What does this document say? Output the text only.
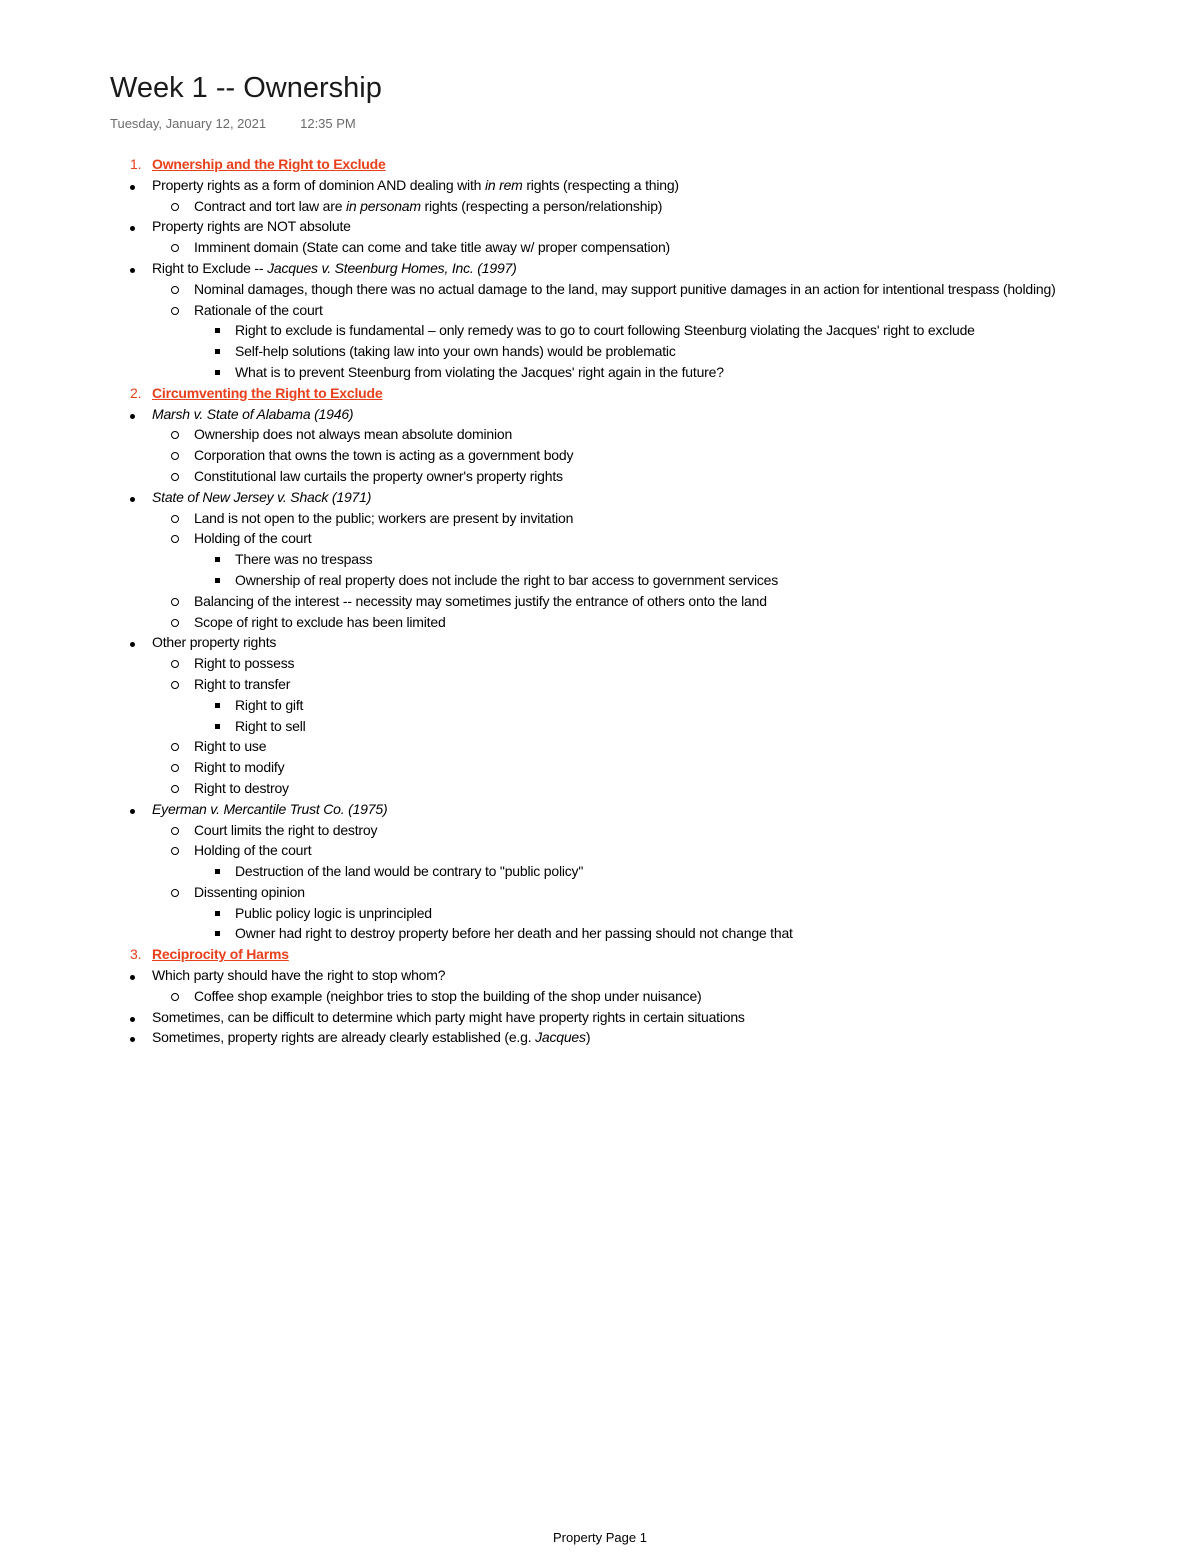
Week 1 -- Ownership
Tuesday, January 12, 2021	12:35 PM
1. Ownership and the Right to Exclude
Property rights as a form of dominion AND dealing with in rem rights (respecting a thing)
Contract and tort law are in personam rights (respecting a person/relationship)
Property rights are NOT absolute
Imminent domain (State can come and take title away w/ proper compensation)
Right to Exclude -- Jacques v. Steenburg Homes, Inc. (1997)
Nominal damages, though there was no actual damage to the land, may support punitive damages in an action for intentional trespass (holding)
Rationale of the court
Right to exclude is fundamental – only remedy was to go to court following Steenburg violating the Jacques' right to exclude
Self-help solutions (taking law into your own hands) would be problematic
What is to prevent Steenburg from violating the Jacques' right again in the future?
2. Circumventing the Right to Exclude
Marsh v. State of Alabama (1946)
Ownership does not always mean absolute dominion
Corporation that owns the town is acting as a government body
Constitutional law curtails the property owner's property rights
State of New Jersey v. Shack (1971)
Land is not open to the public; workers are present by invitation
Holding of the court
There was no trespass
Ownership of real property does not include the right to bar access to government services
Balancing of the interest -- necessity may sometimes justify the entrance of others onto the land
Scope of right to exclude has been limited
Other property rights
Right to possess
Right to transfer
Right to gift
Right to sell
Right to use
Right to modify
Right to destroy
Eyerman v. Mercantile Trust Co. (1975)
Court limits the right to destroy
Holding of the court
Destruction of the land would be contrary to "public policy"
Dissenting opinion
Public policy logic is unprincipled
Owner had right to destroy property before her death and her passing should not change that
3. Reciprocity of Harms
Which party should have the right to stop whom?
Coffee shop example (neighbor tries to stop the building of the shop under nuisance)
Sometimes, can be difficult to determine which party might have property rights in certain situations
Sometimes, property rights are already clearly established (e.g. Jacques)
Property Page 1
